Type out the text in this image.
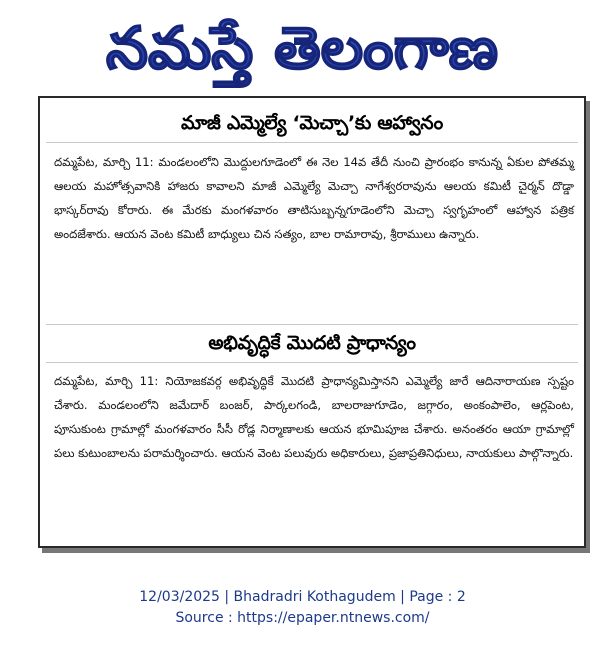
నమస్తే తెలంగాణ
మాజీ ఎమ్మెల్యే ‘మెచ్చా’కు ఆహ్వానం

దమ్మపేట, మార్చి 11: మండలంలోని మొద్దులగూడెంలో ఈ నెల 14వ తేదీ నుంచి ప్రారంభం కానున్న ఏకుల పోతమ్మ ఆలయ మహోత్సవానికి హాజరు కావాలని మాజీ ఎమ్మెల్యే మెచ్చా నాగేశ్వరరావును ఆలయ కమిటీ చైర్మన్ దొడ్డా భాస్కర్‌రావు కోరారు. ఈ మేరకు మంగళవారం తాటిసుబ్బన్నగూడెంలోని మెచ్చా స్వగృహంలో ఆహ్వాన పత్రిక అందజేశారు. ఆయన వెంట కమిటీ బాధ్యులు చిన సత్యం, బాల రామారావు, శ్రీరాములు ఉన్నారు.

అభివృద్ధికే మొదటి ప్రాధాన్యం

దమ్మపేట, మార్చి 11: నియోజకవర్గ అభివృద్ధికే మొదటి ప్రాధాన్యమిస్తానని ఎమ్మెల్యే జారే ఆదినారాయణ స్పష్టం చేశారు. మండలంలోని జమేదార్ బంజర్, పార్కలగండి, బాలరాజుగూడెం, జగ్గారం, అంకంపాలెం, ఆర్లపెంట, పూసుకుంట గ్రామాల్లో మంగళవారం సీసీ రోడ్ల నిర్మాణాలకు ఆయన భూమిపూజ చేశారు. అనంతరం ఆయా గ్రామాల్లో పలు కుటుంబాలను పరామర్శించారు. ఆయన వెంట పలువురు అధికారులు, ప్రజాప్రతినిధులు, నాయకులు పాల్గొన్నారు.

12/03/2025 | Bhadradri Kothagudem | Page : 2
Source : https://epaper.ntnews.com/
